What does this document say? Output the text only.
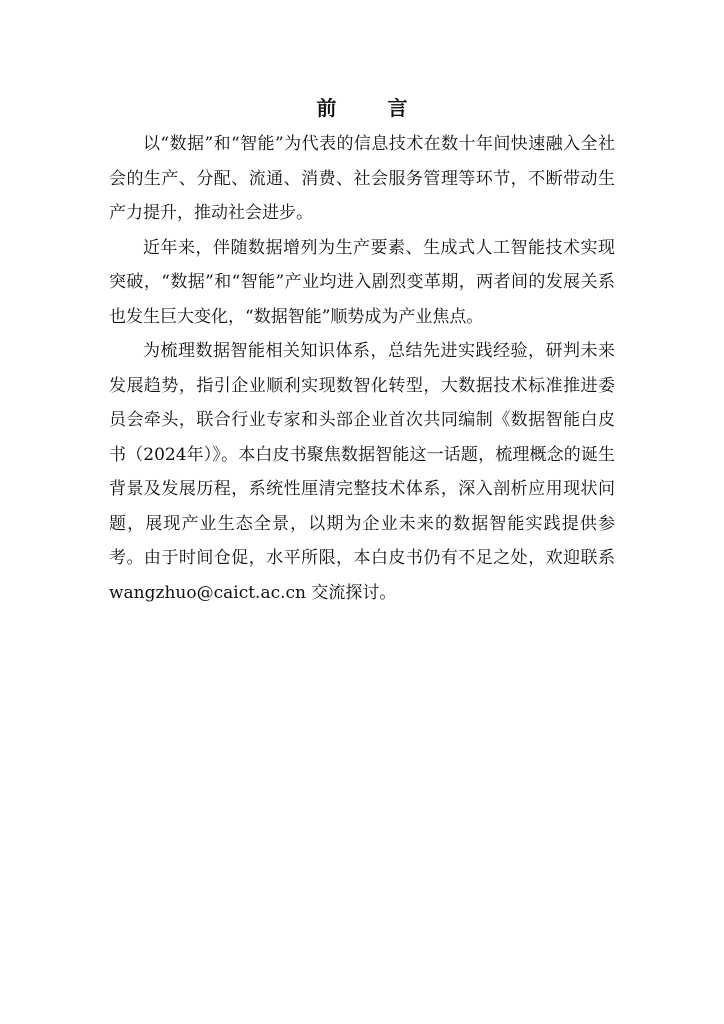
前 言

以“数据”和“智能”为代表的信息技术在数十年间快速融入全社会的生产、分配、流通、消费、社会服务管理等环节，不断带动生产力提升，推动社会进步。

近年来，伴随数据增列为生产要素、生成式人工智能技术实现突破，“数据”和“智能”产业均进入剧烈变革期，两者间的发展关系也发生巨大变化，“数据智能”顺势成为产业焦点。

为梳理数据智能相关知识体系，总结先进实践经验，研判未来发展趋势，指引企业顺利实现数智化转型，大数据技术标准推进委员会牵头，联合行业专家和头部企业首次共同编制《数据智能白皮书（2024年）》。本白皮书聚焦数据智能这一话题，梳理概念的诞生背景及发展历程，系统性厘清完整技术体系，深入剖析应用现状问题，展现产业生态全景，以期为企业未来的数据智能实践提供参考。由于时间仓促，水平所限，本白皮书仍有不足之处，欢迎联系 wangzhuo@caict.ac.cn 交流探讨。
